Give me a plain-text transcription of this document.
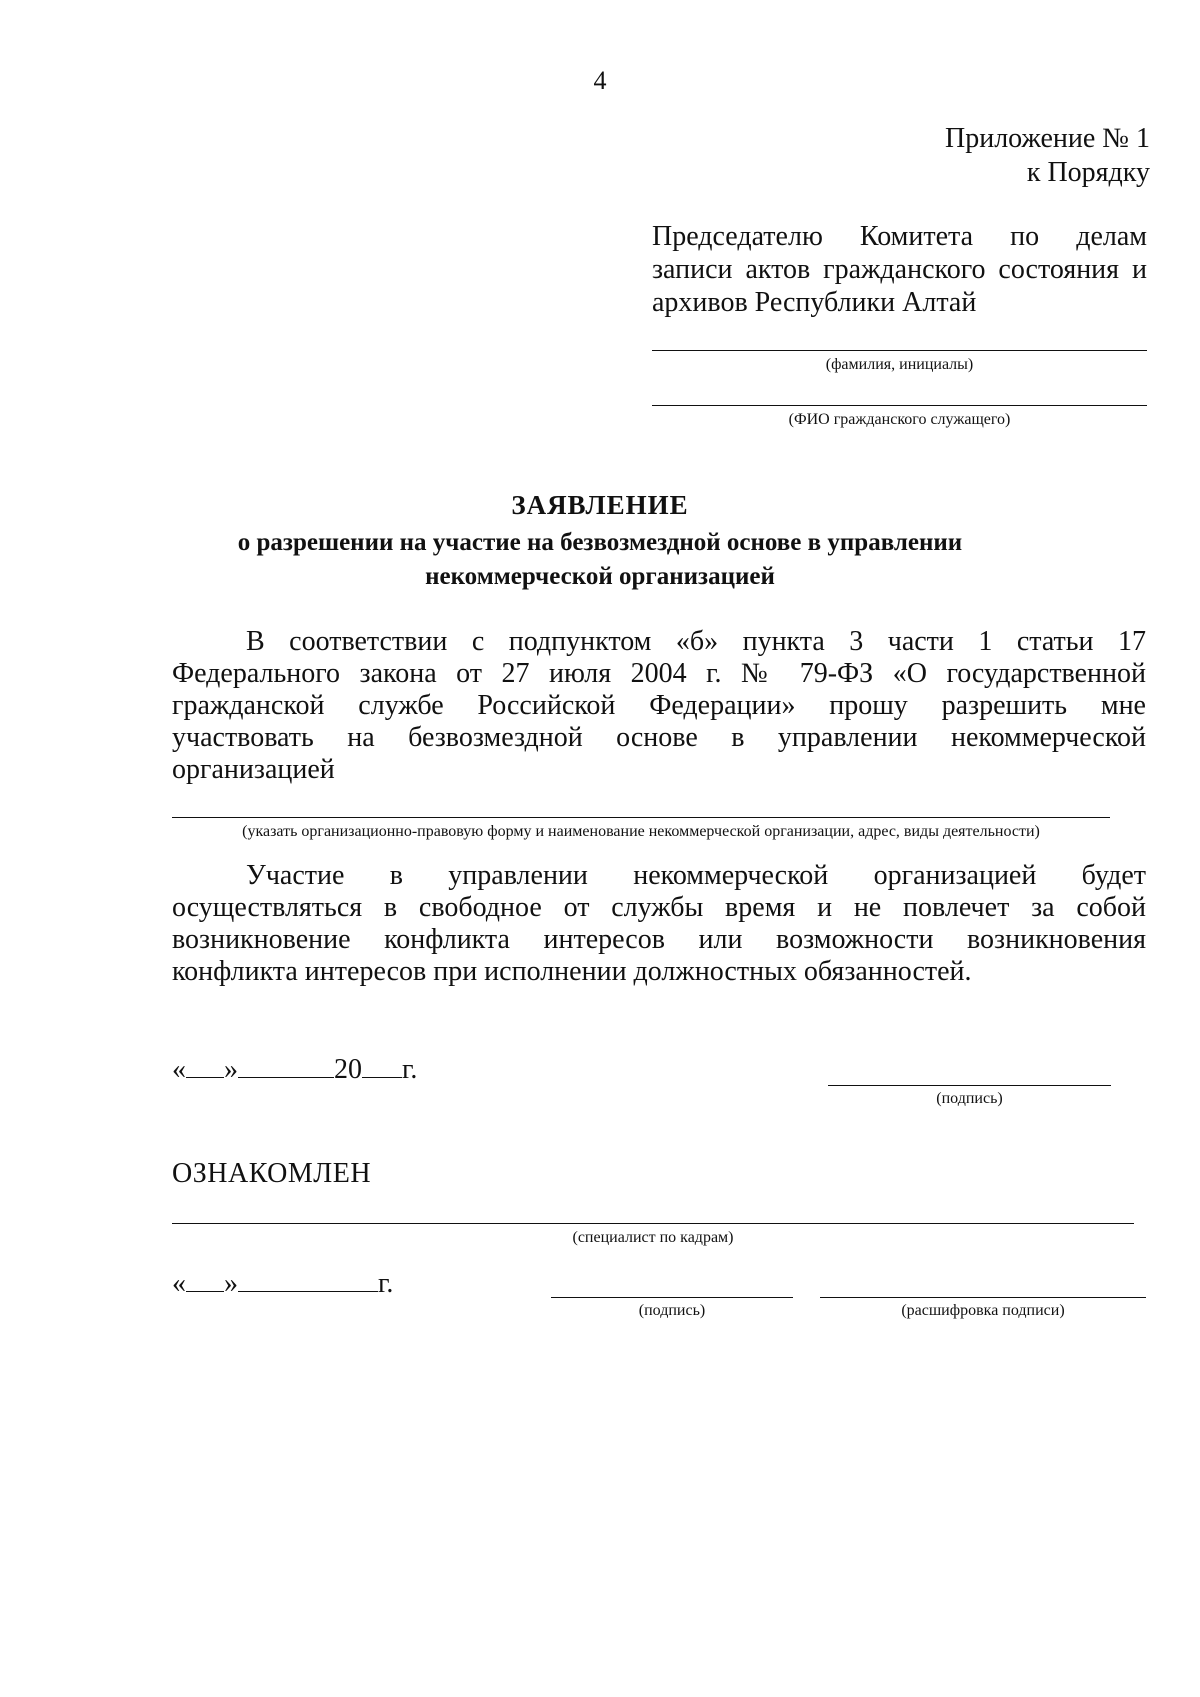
4
Приложение № 1
к Порядку
Председателю Комитета по делам
записи актов гражданского состояния и
архивов Республики Алтай
(фамилия, инициалы)
(ФИО гражданского служащего)
ЗАЯВЛЕНИЕ
о разрешении на участие на безвозмездной основе в управлении
некоммерческой организацией
В соответствии с подпунктом «б» пункта 3 части 1 статьи 17
Федерального закона от 27 июля 2004 г. № 79-ФЗ «О государственной
гражданской службе Российской Федерации» прошу разрешить мне
участвовать на безвозмездной основе в управлении некоммерческой
организацией
(указать организационно-правовую форму и наименование некоммерческой организации, адрес, виды деятельности)
Участие в управлении некоммерческой организацией будет
осуществляться в свободное от службы время и не повлечет за собой
возникновение конфликта интересов или возможности возникновения
конфликта интересов при исполнении должностных обязанностей.
« »	20 г.
(подпись)
ОЗНАКОМЛЕН
(специалист по кадрам)
« »	г.
(подпись)	(расшифровка подписи)
